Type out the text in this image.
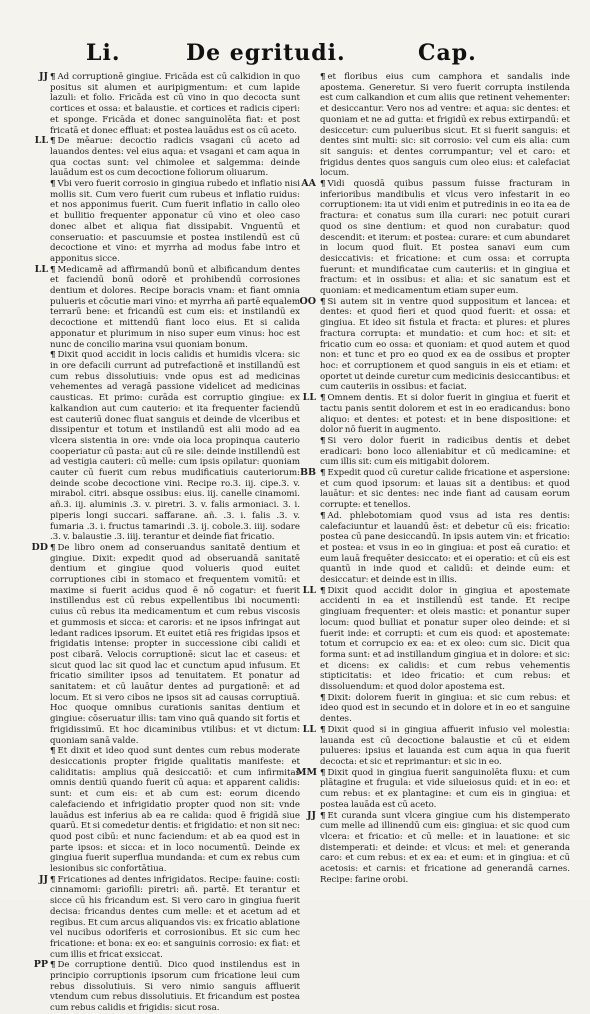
Li.	De egritudi.	Cap.
JJ ¶ Ad corruptionē gingiue. Fricāda est cū calkidion in quo positus sit alumen et auripigmentum: et cum lapide lazuli: et folio. Fricāda est cū vino in quo decocta sunt cortices et ossa: et balaustie. et cortices et radicis ciperi: et sponge. Fricāda et donec sanguinolēta fiat: et post fricatā et donec effluat: et postea lauādus est os cū aceto.
LL ¶ De mēarue: decoctio radicis vsagani cū aceto ad lauandos dentes: vel eius aqua: et vsagani et cam aqua in qua coctas sunt: vel chimolee et salgemma: deinde lauādum est os cum decoctione foliorum oliuarum.
¶ Vbi vero fuerit corrosio in gingiua rubedo et inflatio nisi mollis sit. Cum vero fuerit cum rubeus et inflatio ruidus: et nos apponimus fuerit. Cum fuerit inflatio in callo oleo et bullitio frequenter apponatur cū vino et oleo caso donec albet et aliqua fiat dissipabit. Vnguentū et conseruatio: et pascuumsie et postea instilendū est cū decoctione et vino: et myrrha ad modus fabe intro et apponitus sicce.
LL ¶ Medicamē ad affirmandū bonū et albificandum dentes et faciendū bonū odorē et prohibendū corrosiones dentium et dolores. Recipe boracis vnam: et fiant omnia pulueris et cōcutie mari vino: et myrrha añ partē equalem terrarū bene: et fricandū est cum eis: et instilandū ex decoctione et mittendū fiant loco eius. Et si calida apponatur et plurimum in niso super eum vinus: hoc est nunc de concilio marina vsui quoniam bonum.
¶ Dixit quod accidit in locis calidis et humidis vlcera: sic in ore defacili currunt ad putrefactionē et instillandū est cum rebus dissolutiuis: vnde opus est ad medicinas vehementes ad veragā passione videlicet ad medicinas causticas. Et primo: curāda est corruptio gingiue: ex kalkandion aut cum cauterio: et ita frequenter faciendū est cauteriū donec fluat sanguis et deinde de vlceribus et dissipentur et totum et instilandū est alii modo ad ea vlcera sistentia in ore: vnde oia loca propinqua cauterio cooperiatur cū pasta: aut cū re sile: deinde instillendū est ad vestigia cauteri: cū melle: cum ipsis opilatur: quoniam cauter cū fuerit cum rebus mudificatiuis cauteriorum: deinde scobe decoctione vini. Recipe ro.3. iij. cipe.3. v. mirabol. citri. absque ossibus: eius. iij. canelle cinamomi. añ.3. iij. aluminis .3. v. piretri. 3. v. falis armoniaci. 3. i. piperis longi succari. saffarane. añ. .3. i. falis .3. v. fumaria .3. i. fructus tamarindi .3. ij. cobole.3. iiij. sodare .3. v. balaustie .3. iiij. terantur et deinde fiat fricatio.
DD ¶ De libro onem ad conseruandus sanitatē dentium et gingiue. Dixit: expedit quod ad obseruandā sanitatē dentium et gingiue quod volueris quod euitet corruptiones cibi in stomaco et frequentem vomitū: et maxime si fuerit acidus quod ē nō cogatur: et fuerit instillendus est cū rebus expellentibus ibi nocumenti: cuius cū rebus ita medicamentum et cum rebus viscosis et gummosis et sicca: et caroris: et ne ipsos infringat aut ledant radices ipsorum. Et euitet etiā res frigidas ipsos et frigidatis intense: propter in successione cibi calidi et post cibarā. Velocis corruptionē: sicut lac et caseus: et sicut quod lac sit quod lac et cunctum apud infusum. Et fricatio similiter ipsos ad tenuitatem. Et ponatur ad sanitatem: et cū lauātur dentes ad purgationē: et ad locum. Et si vero cibos ne ipsos sit ad causas corruptiuā. Hoc quoque omnibus curationis sanitas dentium et gingiue: cōseruatur illis: tam vino quā quando sit fortis et frigidissimū. Et hoc dicaminibus vtilibus: et vt dictum: quoniam sanā valde.
¶ Et dixit et ideo quod sunt dentes cum rebus moderate desiccationis propter frigide qualitatis manifeste: et caliditatis: amplius quā desiccatiō: et cum infirmitas omnis dentiū quando fuerit cū aqua: et apparent calidis: sunt: et cum eis: et ab cum est: eorum dicendo calefaciendo et infrigidatio propter quod non sit: vnde lauādus est inferius ab ea re calida: quod ē frigidā siue quarū. Et si comedetur dentis: et frigidatio: et non sit nec: quod post cibū: et nunc faciendum: et ab ea quod est in parte ipsos: et sicca: et in loco nocumentū. Deinde ex gingiua fuerit superflua mundanda: et cum ex rebus cum lesionibus sic confortātiua.
JJ ¶ Fricationes ad dentes infrigidatos. Recipe: fauine: costi: cinnamomi: gariofili: piretri: añ. partē. Et terantur et sicce cū his fricandum est. Si vero caro in gingiua fuerit decisa: fricandus dentes cum melle: et et acetum ad et regibus. Et cum arcus aliquandos vis: ex fricatio ablatione vel nucibus odoriferis et corrosionibus. Et sic cum hec fricatione: et bona: ex eo: et sanguinis corrosio: ex fiat: et cum illis et fricat exsiccat.
PP ¶ De corruptione dentiū. Dico quod instilendus est in principio corruptionis ipsorum cum fricatione leui cum rebus dissolutiuis. Si vero nimio sanguis affluerit vtendum cum rebus dissolutiuis. Et fricandum est postea cum rebus calidis et frigidis: sicut rosa.
¶ et floribus eius cum camphora et sandalis inde apostema. Generetur. Si vero fuerit corrupta instilenda est cum calkandion et cum aliis que retinent vehementer: et desiccantur. Vero nos ad ventre: et aqua: sic dentes: et quoniam et ne ad gutta: et frigidū ex rebus extirpandū: et desiccetur: cum pulueribus sicut. Et si fuerit sanguis: et dentes sint multi: sic: sit corrosio: vel cum eis alia: cum sit sanguis: et dentes corrumpantur; vel et caro: et frigidus dentes quos sanguis cum oleo eius: et calefaciat locum.
AA ¶ Vidi quosdā quibus passum fuisse fracturam in inferioribus mandibulis et vlcus vero infestarit in eo corruptionem: ita ut vidi enim et putredinis in eo ita ea de fractura: et conatus sum illa curari: nec potuit curari quod os sine dentium: et quod non curabatur: quod descendit: et iterum: et postea: curare: et cum abundaret in locum quod fluit. Et postea sanavi eum cum desiccativis: et fricatione: et cum ossa: et corrupta fuerunt: et mundificatae cum cauteriis: et in gingiua et fractum: et in ossibus: et alia: et sic sanatum est et quoniam: et medicamentum etiam super eum.
OO ¶ Si autem sit in ventre quod suppositum et lancea: et dentes: et quod fieri et quod quod fuerit: et ossa: et gingiua. Et ideo sit fistula et fracta: et plures: et plures fractura corrupta: et mundatio: et cum hoc: et sit: et fricatio cum eo ossa: et quoniam: et quod autem et quod non: et tunc et pro eo quod ex ea de ossibus et propter hoc: et corruptionem et quod sanguis in eis et etiam: et oportet ut deinde curetur cum medicinis desiccantibus: et cum cauteriis in ossibus: et faciat.
LL ¶ Omnem dentis. Et si dolor fuerit in gingiua et fuerit et tactu panis sentit dolorem et est in eo eradicandus: bono aliquo: et dentes: et potest: et in bene dispositione: et dolor nō fuerit in augmento.
¶ Si vero dolor fuerit in radicibus dentis et debet eradicari: bono loco alleniabitur et cū medicamine: et cum illis sit: cum eis mitigabit dolorem.
BB ¶ Expedit quod cū curetur calide fricatione et aspersione: et cum quod ipsorum: et lauas sit a dentibus: et quod lauātur: et sic dentes: nec inde fiant ad causam eorum corrupte: et tenellos.
¶ Ad. phlebotomiam quod vsus ad ista res dentis: calefaciuntur et lauandū ēst: et debetur cū eis: fricatio: postea cū pane desiccandū. In ipsis autem vin: et fricatio: et postea: et vsus in eo in gingiua: et post eā curatio: et eum lauā frequēter desiccato: et ei operatio: et cū eis est quantū in inde quod et calidū: et deinde eum: et desiccatur: et deinde est in illis.
LL ¶ Dixit quod accidit dolor in gingiua et apostemate accidenti in ea et instillendū est tande. Et recipe gingiuam frequenter: et oleis mastic: et ponantur super locum: quod bulliat et ponatur super oleo deinde: et si fuerit inde: et corrupti: et cum eis quod: et apostemate: totum et corrupcio ex ea: et ex oleo: cum sic. Dicit qua forma sunt: et ad instillandum gingiua et in dolore: et sic: et dicens: ex calidis: et cum rebus vehementis stipticitatis: et ideo fricatio: et cum rebus: et dissoluendum: et quod dolor apostema est.
¶ Dixit: dolorem fuerit in gingiua: et sic cum rebus: et ideo quod est in secundo et in dolore et in eo et sanguine dentes.
LL ¶ Dixit quod si in gingiua affuerit infusio vel molestia: lauanda est cū decoctione balaustie et cū et eidem pulueres: ipsius et lauanda est cum aqua in qua fuerit decocta: et sic et reprimantur: et sic in eo.
MM ¶ Dixit quod in gingiua fuerit sanguinolēta fluxu: et cum plātagine et frugula: et vide silueiosus quid: et in eo: et cum rebus: et ex plantagine: et cum eis in gingiua: et postea lauāda est cū aceto.
JJ ¶ Et curanda sunt vlcera gingiue cum his distemperato cum melle ad illinendū cum eis: gingiua: et sic quod cum vlcera: et fricatio: et cū melle: et in lauatione: et sic distemperati: et deinde: et vlcus: et mel: et generanda caro: et cum rebus: et ex ea: et eum: et in gingiua: et cū acetosis: et carnis: et fricatione ad generandā carnes. Recipe: farine orobi.
